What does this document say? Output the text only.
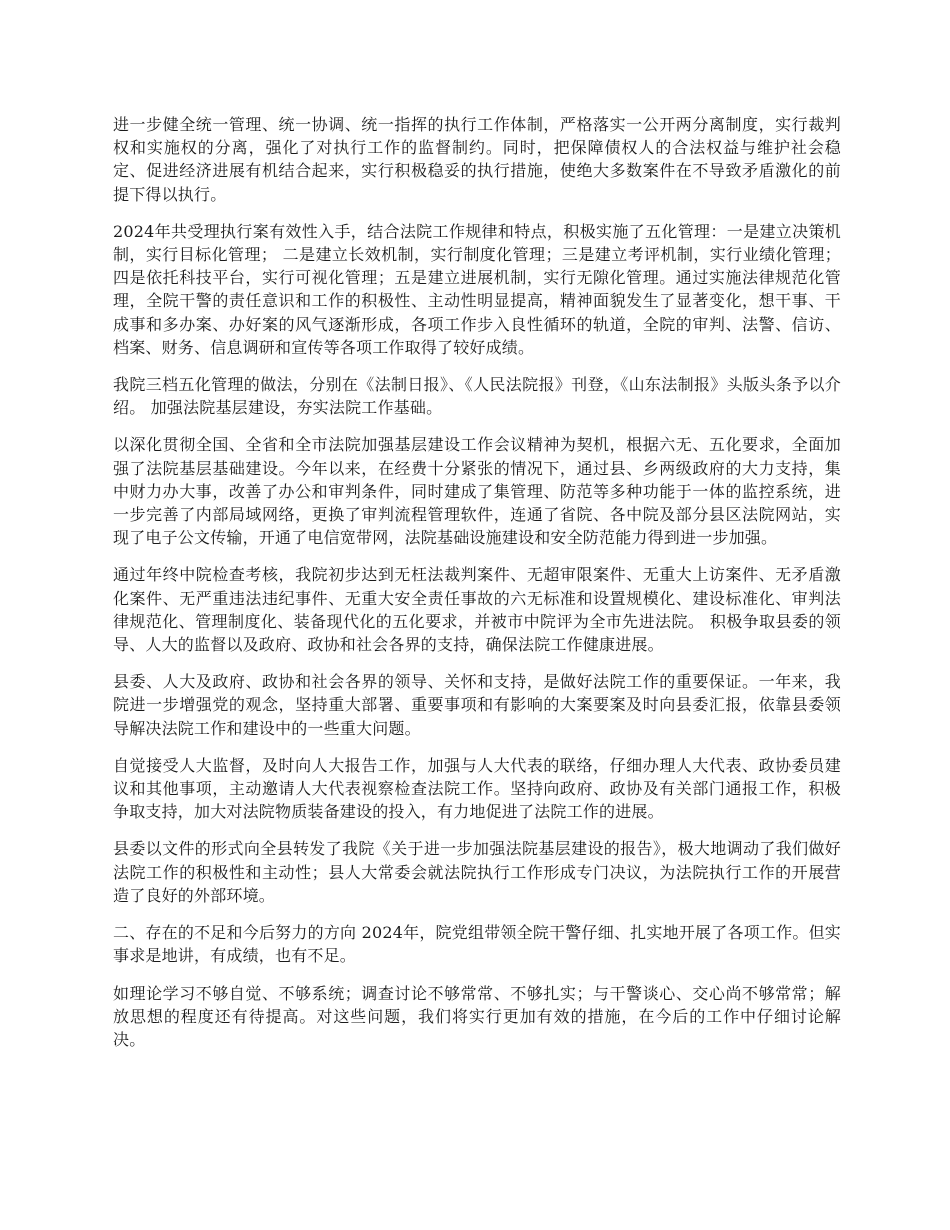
进一步健全统一管理、统一协调、统一指挥的执行工作体制，严格落实一公开两分离制度，实行裁判权和实施权的分离，强化了对执行工作的监督制约。同时，把保障债权人的合法权益与维护社会稳定、促进经济进展有机结合起来，实行积极稳妥的执行措施，使绝大多数案件在不导致矛盾激化的前提下得以执行。

2024年共受理执行案有效性入手，结合法院工作规律和特点，积极实施了五化管理：一是建立决策机制，实行目标化管理； 二是建立长效机制，实行制度化管理；三是建立考评机制，实行业绩化管理；四是依托科技平台，实行可视化管理；五是建立进展机制，实行无隙化管理。通过实施法律规范化管理，全院干警的责任意识和工作的积极性、主动性明显提高，精神面貌发生了显著变化，想干事、干成事和多办案、办好案的风气逐渐形成，各项工作步入良性循环的轨道，全院的审判、法警、信访、档案、财务、信息调研和宣传等各项工作取得了较好成绩。

我院三档五化管理的做法，分别在《法制日报》、《人民法院报》刊登，《山东法制报》头版头条予以介绍。 加强法院基层建设，夯实法院工作基础。

以深化贯彻全国、全省和全市法院加强基层建设工作会议精神为契机，根据六无、五化要求，全面加强了法院基层基础建设。今年以来，在经费十分紧张的情况下，通过县、乡两级政府的大力支持，集中财力办大事，改善了办公和审判条件，同时建成了集管理、防范等多种功能于一体的监控系统，进一步完善了内部局域网络，更换了审判流程管理软件，连通了省院、各中院及部分县区法院网站，实现了电子公文传输，开通了电信宽带网，法院基础设施建设和安全防范能力得到进一步加强。

通过年终中院检查考核，我院初步达到无枉法裁判案件、无超审限案件、无重大上访案件、无矛盾激化案件、无严重违法违纪事件、无重大安全责任事故的六无标准和设置规模化、建设标准化、审判法律规范化、管理制度化、装备现代化的五化要求，并被市中院评为全市先进法院。 积极争取县委的领导、人大的监督以及政府、政协和社会各界的支持，确保法院工作健康进展。

县委、人大及政府、政协和社会各界的领导、关怀和支持，是做好法院工作的重要保证。一年来，我院进一步增强党的观念，坚持重大部署、重要事项和有影响的大案要案及时向县委汇报，依靠县委领导解决法院工作和建设中的一些重大问题。

自觉接受人大监督，及时向人大报告工作，加强与人大代表的联络，仔细办理人大代表、政协委员建议和其他事项，主动邀请人大代表视察检查法院工作。坚持向政府、政协及有关部门通报工作，积极争取支持，加大对法院物质装备建设的投入，有力地促进了法院工作的进展。

县委以文件的形式向全县转发了我院《关于进一步加强法院基层建设的报告》，极大地调动了我们做好法院工作的积极性和主动性；县人大常委会就法院执行工作形成专门决议，为法院执行工作的开展营造了良好的外部环境。

二、存在的不足和今后努力的方向 2024年，院党组带领全院干警仔细、扎实地开展了各项工作。但实事求是地讲，有成绩，也有不足。

如理论学习不够自觉、不够系统；调查讨论不够常常、不够扎实；与干警谈心、交心尚不够常常；解放思想的程度还有待提高。对这些问题，我们将实行更加有效的措施，在今后的工作中仔细讨论解决。
